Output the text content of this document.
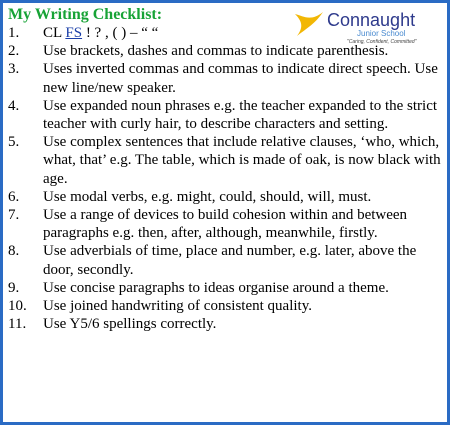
My Writing Checklist:	Connaught
Junior School
"Caring, Confident, Committed"
1.	CL FS ! ? , ( ) – “ “
2.	Use brackets, dashes and commas to indicate parenthesis.
3.	Uses inverted commas and commas to indicate direct speech. Use new line/new speaker.
4.	Use expanded noun phrases e.g. the teacher expanded to the strict teacher with curly hair, to describe characters and setting.
5.	Use complex sentences that include relative clauses, ‘who, which, what, that’ e.g. The table, which is made of oak, is now black with age.
6.	Use modal verbs, e.g. might, could, should, will, must.
7.	Use a range of devices to build cohesion within and between paragraphs e.g. then, after, although, meanwhile, firstly.
8.	Use adverbials of time, place and number, e.g. later, above the door, secondly.
9.	Use concise paragraphs to ideas organise around a theme.
10.	Use joined handwriting of consistent quality.
11.	Use Y5/6 spellings correctly.
